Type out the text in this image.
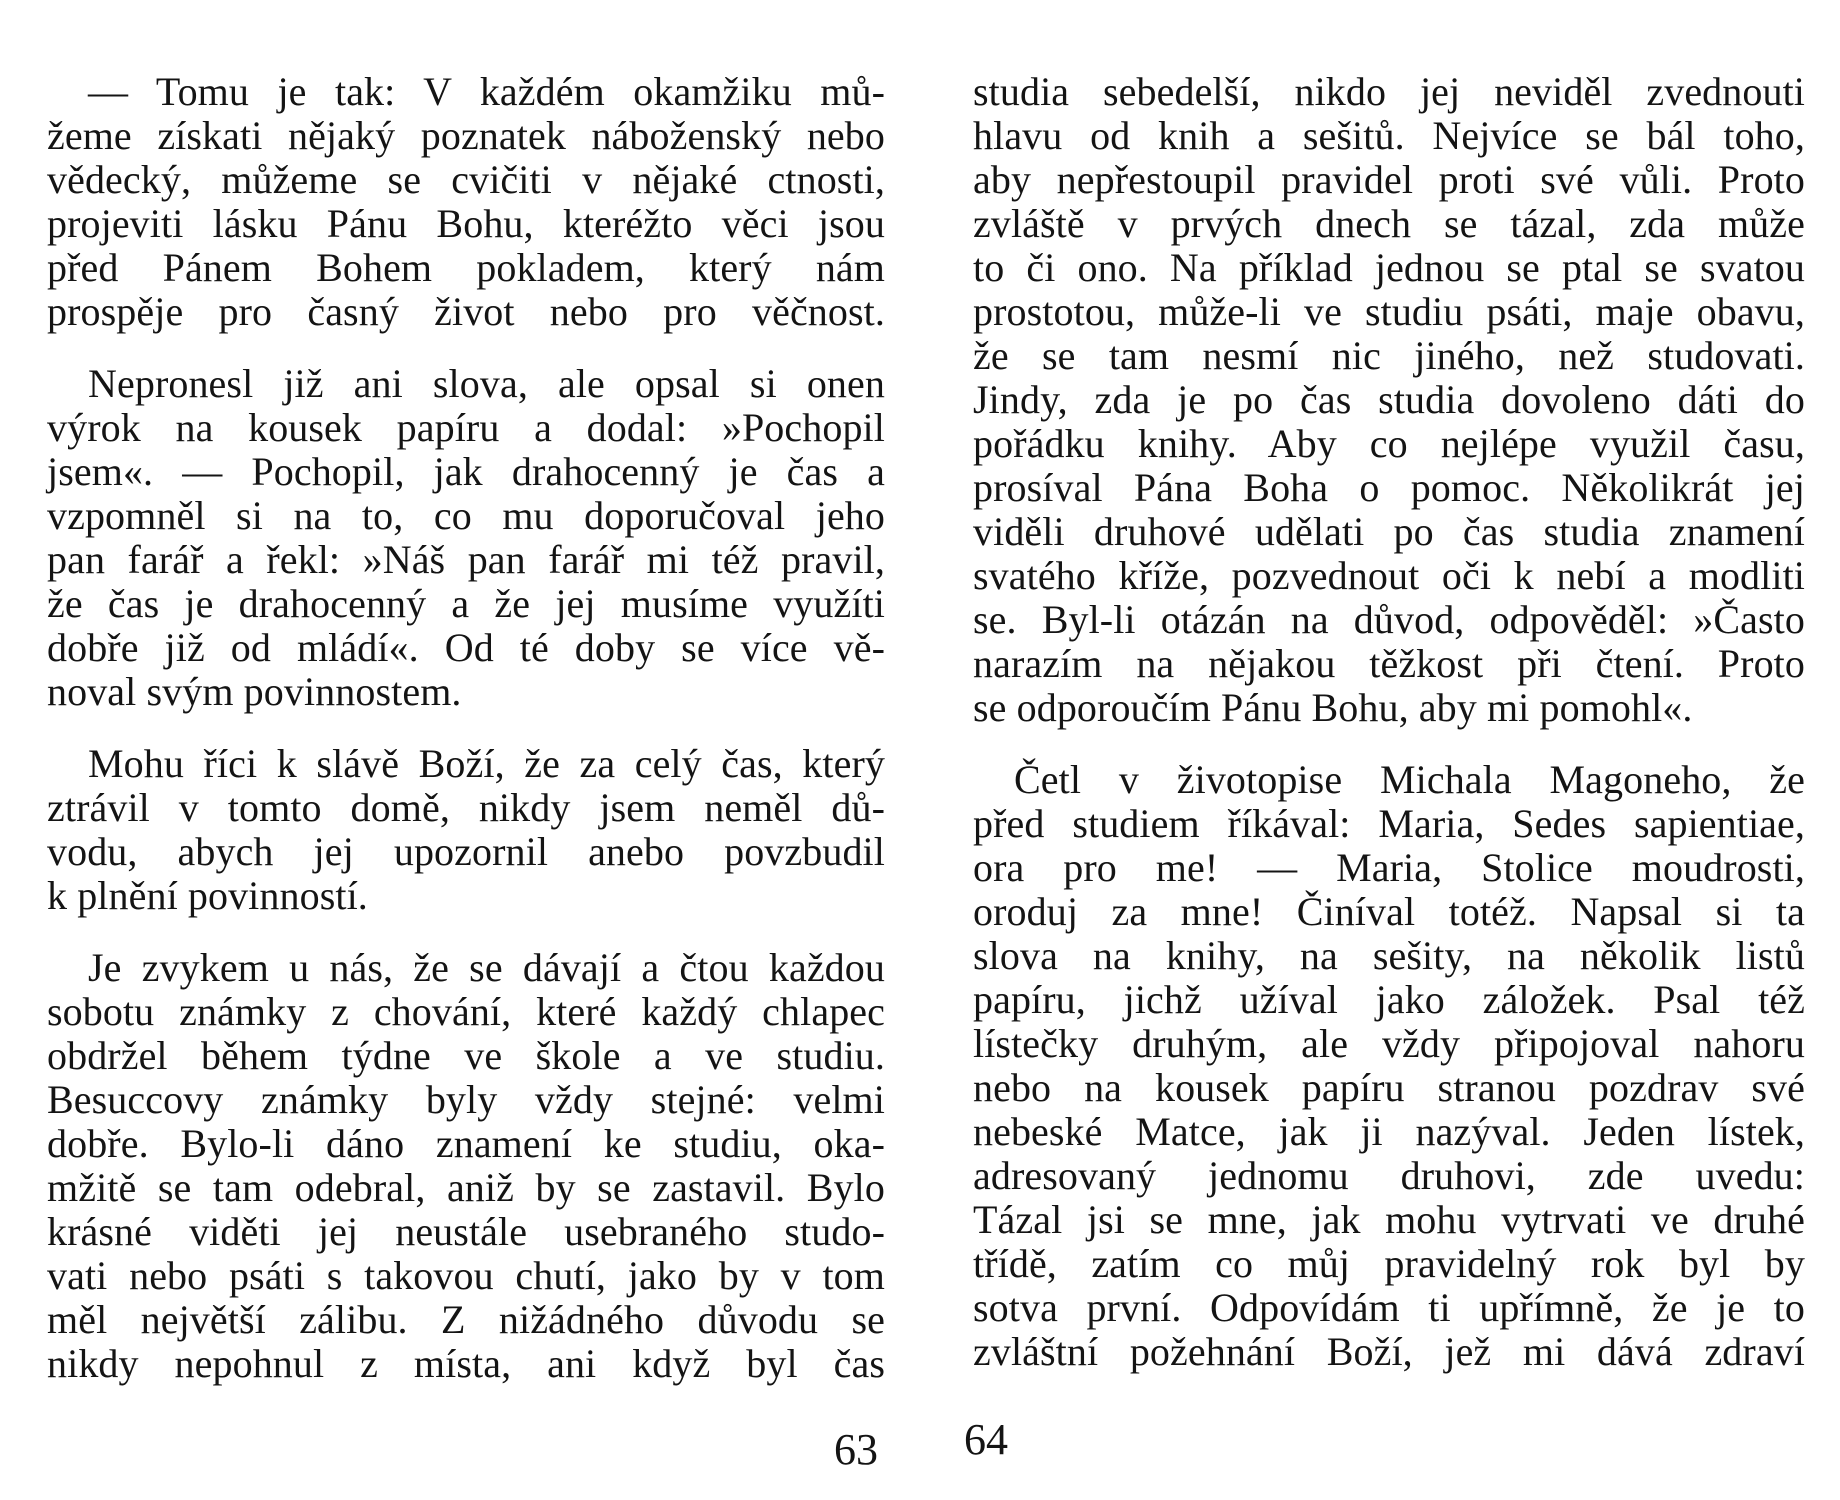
— Tomu je tak: V každém okamžiku mů-
žeme získati nějaký poznatek náboženský nebo
vědecký, můžeme se cvičiti v nějaké ctnosti,
projeviti lásku Pánu Bohu, kteréžto věci jsou
před Pánem Bohem pokladem, který nám
prospěje pro časný život nebo pro věčnost.
Nepronesl již ani slova, ale opsal si onen
výrok na kousek papíru a dodal: »Pochopil
jsem«. — Pochopil, jak drahocenný je čas a
vzpomněl si na to, co mu doporučoval jeho
pan farář a řekl: »Náš pan farář mi též pravil,
že čas je drahocenný a že jej musíme využíti
dobře již od mládí«. Od té doby se více vě-
noval svým povinnostem.
Mohu říci k slávě Boží, že za celý čas, který
ztrávil v tomto domě, nikdy jsem neměl dů-
vodu, abych jej upozornil anebo povzbudil
k plnění povinností.
Je zvykem u nás, že se dávají a čtou každou
sobotu známky z chování, které každý chlapec
obdržel během týdne ve škole a ve studiu.
Besuccovy známky byly vždy stejné: velmi
dobře. Bylo-li dáno znamení ke studiu, oka-
mžitě se tam odebral, aniž by se zastavil. Bylo
krásné viděti jej neustále usebraného studo-
vati nebo psáti s takovou chutí, jako by v tom
měl největší zálibu. Z nižádného důvodu se
nikdy nepohnul z místa, ani když byl čas
studia sebedelší, nikdo jej neviděl zvednouti
hlavu od knih a sešitů. Nejvíce se bál toho,
aby nepřestoupil pravidel proti své vůli. Proto
zvláště v prvých dnech se tázal, zda může
to či ono. Na příklad jednou se ptal se svatou
prostotou, může-li ve studiu psáti, maje obavu,
že se tam nesmí nic jiného, než studovati.
Jindy, zda je po čas studia dovoleno dáti do
pořádku knihy. Aby co nejlépe využil času,
prosíval Pána Boha o pomoc. Několikrát jej
viděli druhové udělati po čas studia znamení
svatého kříže, pozvednout oči k nebí a modliti
se. Byl-li otázán na důvod, odpověděl: »Často
narazím na nějakou těžkost při čtení. Proto
se odporoučím Pánu Bohu, aby mi pomohl«.
Četl v životopise Michala Magoneho, že
před studiem říkával: Maria, Sedes sapientiae,
ora pro me! — Maria, Stolice moudrosti,
oroduj za mne! Činíval totéž. Napsal si ta
slova na knihy, na sešity, na několik listů
papíru, jichž užíval jako záložek. Psal též
lístečky druhým, ale vždy připojoval nahoru
nebo na kousek papíru stranou pozdrav své
nebeské Matce, jak ji nazýval. Jeden lístek,
adresovaný jednomu druhovi, zde uvedu:
Tázal jsi se mne, jak mohu vytrvati ve druhé
třídě, zatím co můj pravidelný rok byl by
sotva první. Odpovídám ti upřímně, že je to
zvláštní požehnání Boží, jež mi dává zdraví
63 64
